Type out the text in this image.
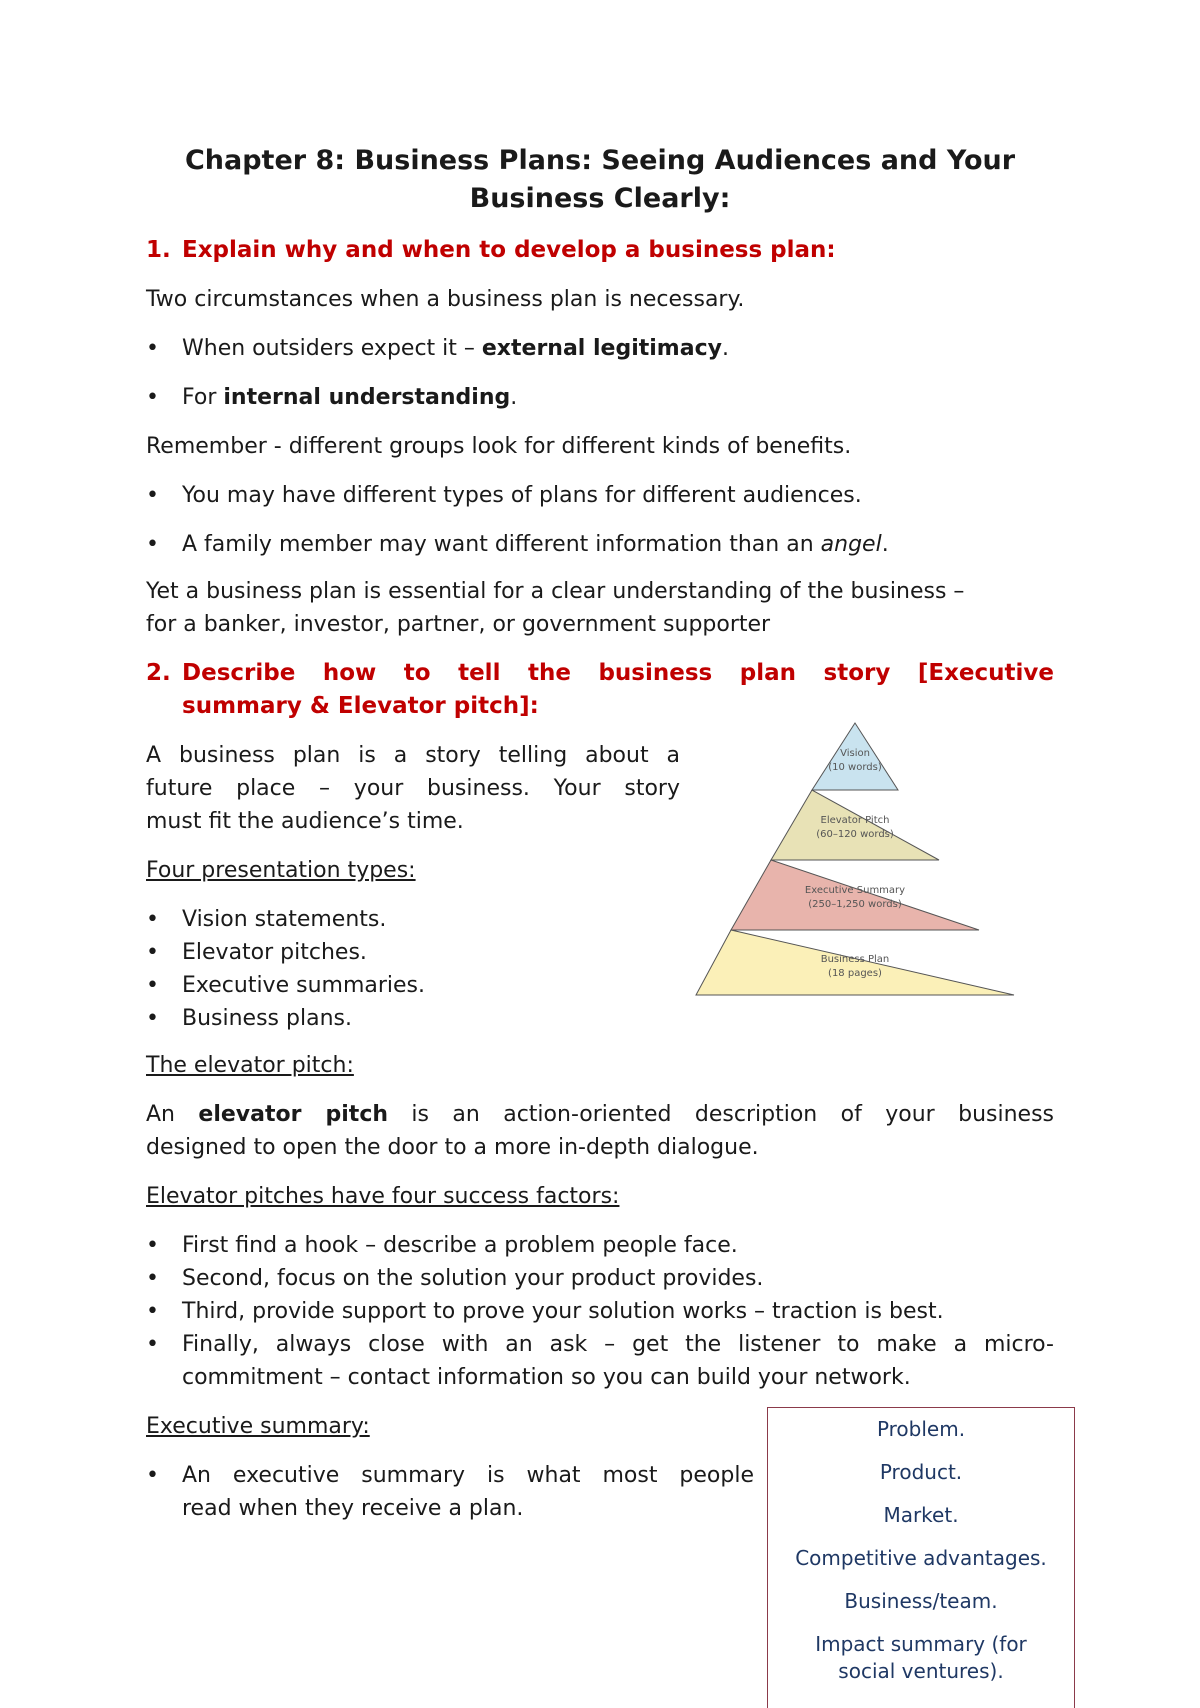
Chapter 8: Business Plans: Seeing Audiences and Your
Business Clearly:
1. Explain why and when to develop a business plan:
Two circumstances when a business plan is necessary.
• When outsiders expect it – external legitimacy.
• For internal understanding.
Remember - different groups look for different kinds of benefits.
• You may have different types of plans for different audiences.
• A family member may want different information than an angel.
Yet a business plan is essential for a clear understanding of the business –
for a banker, investor, partner, or government supporter
2. Describe how to tell the business plan story [Executive
summary & Elevator pitch]:
A business plan is a story telling about a
future place – your business. Your story
must fit the audience’s time.
Four presentation types:
• Vision statements.
• Elevator pitches.
• Executive summaries.
• Business plans.
Vision
(10 words)
Elevator Pitch
(60–120 words)
Executive Summary
(250–1,250 words)
Business Plan
(18 pages)
The elevator pitch:
An elevator pitch is an action-oriented description of your business
designed to open the door to a more in-depth dialogue.
Elevator pitches have four success factors:
• First find a hook – describe a problem people face.
• Second, focus on the solution your product provides.
• Third, provide support to prove your solution works – traction is best.
• Finally, always close with an ask – get the listener to make a micro-
commitment – contact information so you can build your network.
Executive summary:
• An executive summary is what most people
read when they receive a plan.
Problem.
Product.
Market.
Competitive advantages.
Business/team.
Impact summary (for
social ventures).
